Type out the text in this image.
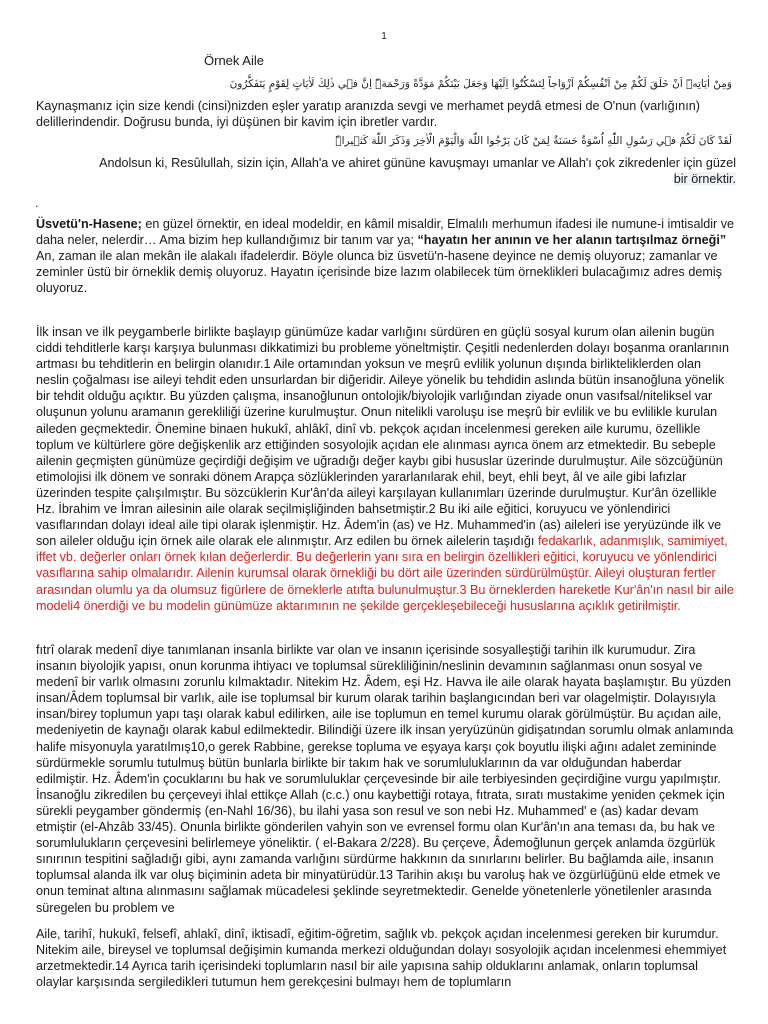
1
Örnek Aile
وَمِنْ اٰيَاتِه۪ٓ اَنْ خَلَقَ لَكُمْ مِنْ اَنْفُسِكُمْ اَزْوَاجاً لِتَسْكُنُٓوا اِلَيْهَا وَجَعَلَ بَيْنَكُمْ مَوَدَّةً وَرَحْمَةًۜ اِنَّ ف۪ي ذٰلِكَ لَاٰيَاتٍ لِقَوْمٍ يَتَفَكَّرُونَ

Kaynaşmanız için size kendi (cinsi)nizden eşler yaratıp aranızda sevgi ve merhamet peydâ etmesi de O'nun (varlığının) delillerindendir. Doğrusu bunda, iyi düşünen bir kavim için ibretler vardır.

لَقَدْ كَانَ لَكُمْ ف۪ي رَسُولِ اللّٰهِ اُسْوَةٌ حَسَنَةٌ لِمَنْ كَانَ يَرْجُوا اللّٰهَ وَالْيَوْمَ الْاٰخِرَ وَذَكَرَ اللّٰهَ كَث۪يراًۜ

Andolsun ki, Resûlullah, sizin için, Allah'a ve ahiret gününe kavuşmayı umanlar ve Allah'ı çok zikredenler için güzel
bir örnektir.

.

Üsvetü'n-Hasene; en güzel örnektir, en ideal modeldir, en kâmil misaldir, Elmalılı merhumun ifadesi ile numune-i imtisaldir ve daha neler, nelerdir… Ama bizim hep kullandığımız bir tanım var ya; “hayatın her anının ve her alanın tartışılmaz örneği” An, zaman ile alan mekân ile alakalı ifadelerdir. Böyle olunca biz üsvetü'n-hasene deyince ne demiş oluyoruz; zamanlar ve zeminler üstü bir örneklik demiş oluyoruz. Hayatın içerisinde bize lazım olabilecek tüm örneklikleri bulacağımız adres demiş oluyoruz.

İlk insan ve ilk peygamberle birlikte başlayıp günümüze kadar varlığını sürdüren en güçlü sosyal kurum olan ailenin bugün ciddi tehditlerle karşı karşıya bulunması dikkatimizi bu probleme yöneltmiştir. Çeşitli nedenlerden dolayı boşanma oranlarının artması bu tehditlerin en belirgin olanıdır.1 Aile ortamından yoksun ve meşrû evlilik yolunun dışında birlikteliklerden olan neslin çoğalması ise aileyi tehdit eden unsurlardan bir diğeridir. Aileye yönelik bu tehdidin aslında bütün insanoğluna yönelik bir tehdit olduğu açıktır. Bu yüzden çalışma, insanoğlunun ontolojik/biyolojik varlığından ziyade onun vasıfsal/niteliksel var oluşunun yolunu aramanın gerekliliği üzerine kurulmuştur. Onun nitelikli varoluşu ise meşrû bir evlilik ve bu evlilikle kurulan aileden geçmektedir. Önemine binaen hukukî, ahlâkî, dinî vb. pekçok açıdan incelenmesi gereken aile kurumu, özellikle toplum ve kültürlere göre değişkenlik arz ettiğinden sosyolojik açıdan ele alınması ayrıca önem arz etmektedir. Bu sebeple ailenin geçmişten günümüze geçirdiği değişim ve uğradığı değer kaybı gibi hususlar üzerinde durulmuştur. Aile sözcüğünün etimolojisi ilk dönem ve sonraki dönem Arapça sözlüklerinden yararlanılarak ehil, beyt, ehli beyt, âl ve aile gibi lafızlar üzerinden tespite çalışılmıştır. Bu sözcüklerin Kur'ân'da aileyi karşılayan kullanımları üzerinde durulmuştur. Kur'ân özellikle Hz. İbrahim ve İmran ailesinin aile olarak seçilmişliğinden bahsetmiştir.2 Bu iki aile eğitici, koruyucu ve yönlendirici vasıflarından dolayı ideal aile tipi olarak işlenmiştir. Hz. Âdem'in (as) ve Hz. Muhammed'in (as) aileleri ise yeryüzünde ilk ve son aileler olduğu için örnek aile olarak ele alınmıştır. Arz edilen bu örnek ailelerin taşıdığı fedakarlık, adanmışlık, samimiyet, iffet vb. değerler onları örnek kılan değerlerdir. Bu değerlerin yanı sıra en belirgin özellikleri eğitici, koruyucu ve yönlendirici vasıflarına sahip olmalarıdır. Ailenin kurumsal olarak örnekliği bu dört aile üzerinden sürdürülmüştür. Aileyi oluşturan fertler arasından olumlu ya da olumsuz figürlere de örneklerle atıfta bulunulmuştur.3 Bu örneklerden hareketle Kur'ân'ın nasıl bir aile modeli4 önerdiği ve bu modelin günümüze aktarımının ne şekilde gerçekleşebileceği hususlarına açıklık getirilmiştir.

fıtrî olarak medenî diye tanımlanan insanla birlikte var olan ve insanın içerisinde sosyalleştiği tarihin ilk kurumudur. Zira insanın biyolojik yapısı, onun korunma ihtiyacı ve toplumsal sürekliliğinin/neslinin devamının sağlanması onun sosyal ve medenî bir varlık olmasını zorunlu kılmaktadır. Nitekim Hz. Âdem, eşi Hz. Havva ile aile olarak hayata başlamıştır. Bu yüzden insan/Âdem toplumsal bir varlık, aile ise toplumsal bir kurum olarak tarihin başlangıcından beri var olagelmiştir. Dolayısıyla insan/birey toplumun yapı taşı olarak kabul edilirken, aile ise toplumun en temel kurumu olarak görülmüştür. Bu açıdan aile, medeniyetin de kaynağı olarak kabul edilmektedir. Bilindiği üzere ilk insan yeryüzünün gidişatından sorumlu olmak anlamında halife misyonuyla yaratılmış10,o gerek Rabbine, gerekse topluma ve eşyaya karşı çok boyutlu ilişki ağını adalet zemininde sürdürmekle sorumlu tutulmuş bütün bunlarla birlikte bir takım hak ve sorumluluklarının da var olduğundan haberdar edilmiştir. Hz. Âdem'in çocuklarını bu hak ve sorumluluklar çerçevesinde bir aile terbiyesinden geçirdiğine vurgu yapılmıştır. İnsanoğlu zikredilen bu çerçeveyi ihlal ettikçe Allah (c.c.) onu kaybettiği rotaya, fıtrata, sıratı mustakime yeniden çekmek için sürekli peygamber göndermiş (en-Nahl 16/36), bu ilahi yasa son resul ve son nebi Hz. Muhammed' e (as) kadar devam etmiştir (el-Ahzâb 33/45). Onunla birlikte gönderilen vahyin son ve evrensel formu olan Kur'ân'ın ana teması da, bu hak ve sorumlulukların çerçevesini belirlemeye yöneliktir. ( el-Bakara 2/228). Bu çerçeve, Âdemoğlunun gerçek anlamda özgürlük sınırının tespitini sağladığı gibi, aynı zamanda varlığını sürdürme hakkının da sınırlarını belirler. Bu bağlamda aile, insanın toplumsal alanda ilk var oluş biçiminin adeta bir minyatürüdür.13 Tarihin akışı bu varoluş hak ve özgürlüğünü elde etmek ve onun teminat altına alınmasını sağlamak mücadelesi şeklinde seyretmektedir. Genelde yönetenlerle yönetilenler arasında süregelen bu problem ve

Aile, tarihî, hukukî, felsefî, ahlakî, dinî, iktisadî, eğitim-öğretim, sağlık vb. pekçok açıdan incelenmesi gereken bir kurumdur. Nitekim aile, bireysel ve toplumsal değişimin kumanda merkezi olduğundan dolayı sosyolojik açıdan incelenmesi ehemmiyet arzetmektedir.14 Ayrıca tarih içerisindeki toplumların nasıl bir aile yapısına sahip olduklarını anlamak, onların toplumsal olaylar karşısında sergiledikleri tutumun hem gerekçesini bulmayı hem de toplumların
